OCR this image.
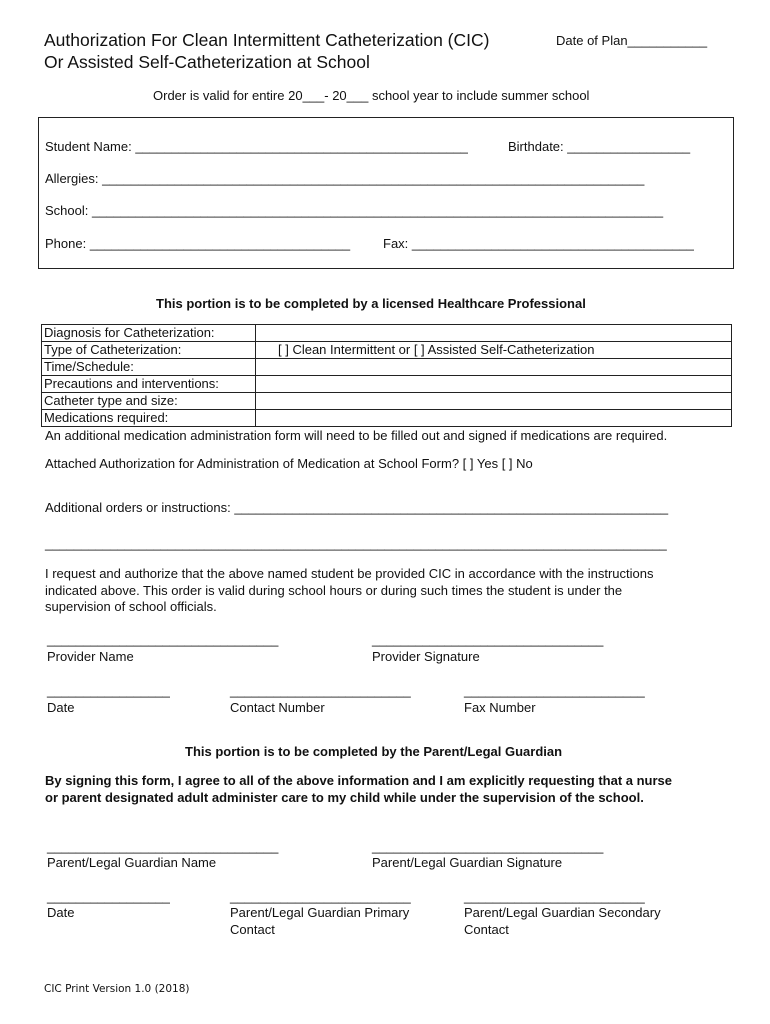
Authorization For Clean Intermittent Catheterization (CIC)
Or Assisted Self-Catheterization at School
Date of Plan___________
Order is valid for entire 20___- 20___ school year to include summer school
Student Name: ______________________________________________	Birthdate: _________________
Allergies: ___________________________________________________________________________
School: _______________________________________________________________________________
Phone: ____________________________________	Fax: _______________________________________
This portion is to be completed by a licensed Healthcare Professional
Diagnosis for Catheterization:	
Type of Catheterization:	[ ] Clean Intermittent or [ ] Assisted Self-Catheterization
Time/Schedule:	
Precautions and interventions:	
Catheter type and size:	
Medications required:	
An additional medication administration form will need to be filled out and signed if medications are required.
Attached Authorization for Administration of Medication at School Form? [ ] Yes [ ] No
Additional orders or instructions: ____________________________________________________________
______________________________________________________________________________________
I request and authorize that the above named student be provided CIC in accordance with the instructions
indicated above. This order is valid during school hours or during such times the student is under the
supervision of school officials.
________________________________
Provider Name
________________________________
Provider Signature
_________________
Date
_________________________
Contact Number
_________________________
Fax Number
This portion is to be completed by the Parent/Legal Guardian
By signing this form, I agree to all of the above information and I am explicitly requesting that a nurse
or parent designated adult administer care to my child while under the supervision of the school.
________________________________
Parent/Legal Guardian Name
________________________________
Parent/Legal Guardian Signature
_________________
Date
_________________________
Parent/Legal Guardian Primary
Contact
_________________________
Parent/Legal Guardian Secondary
Contact
CIC Print Version 1.0 (2018)
